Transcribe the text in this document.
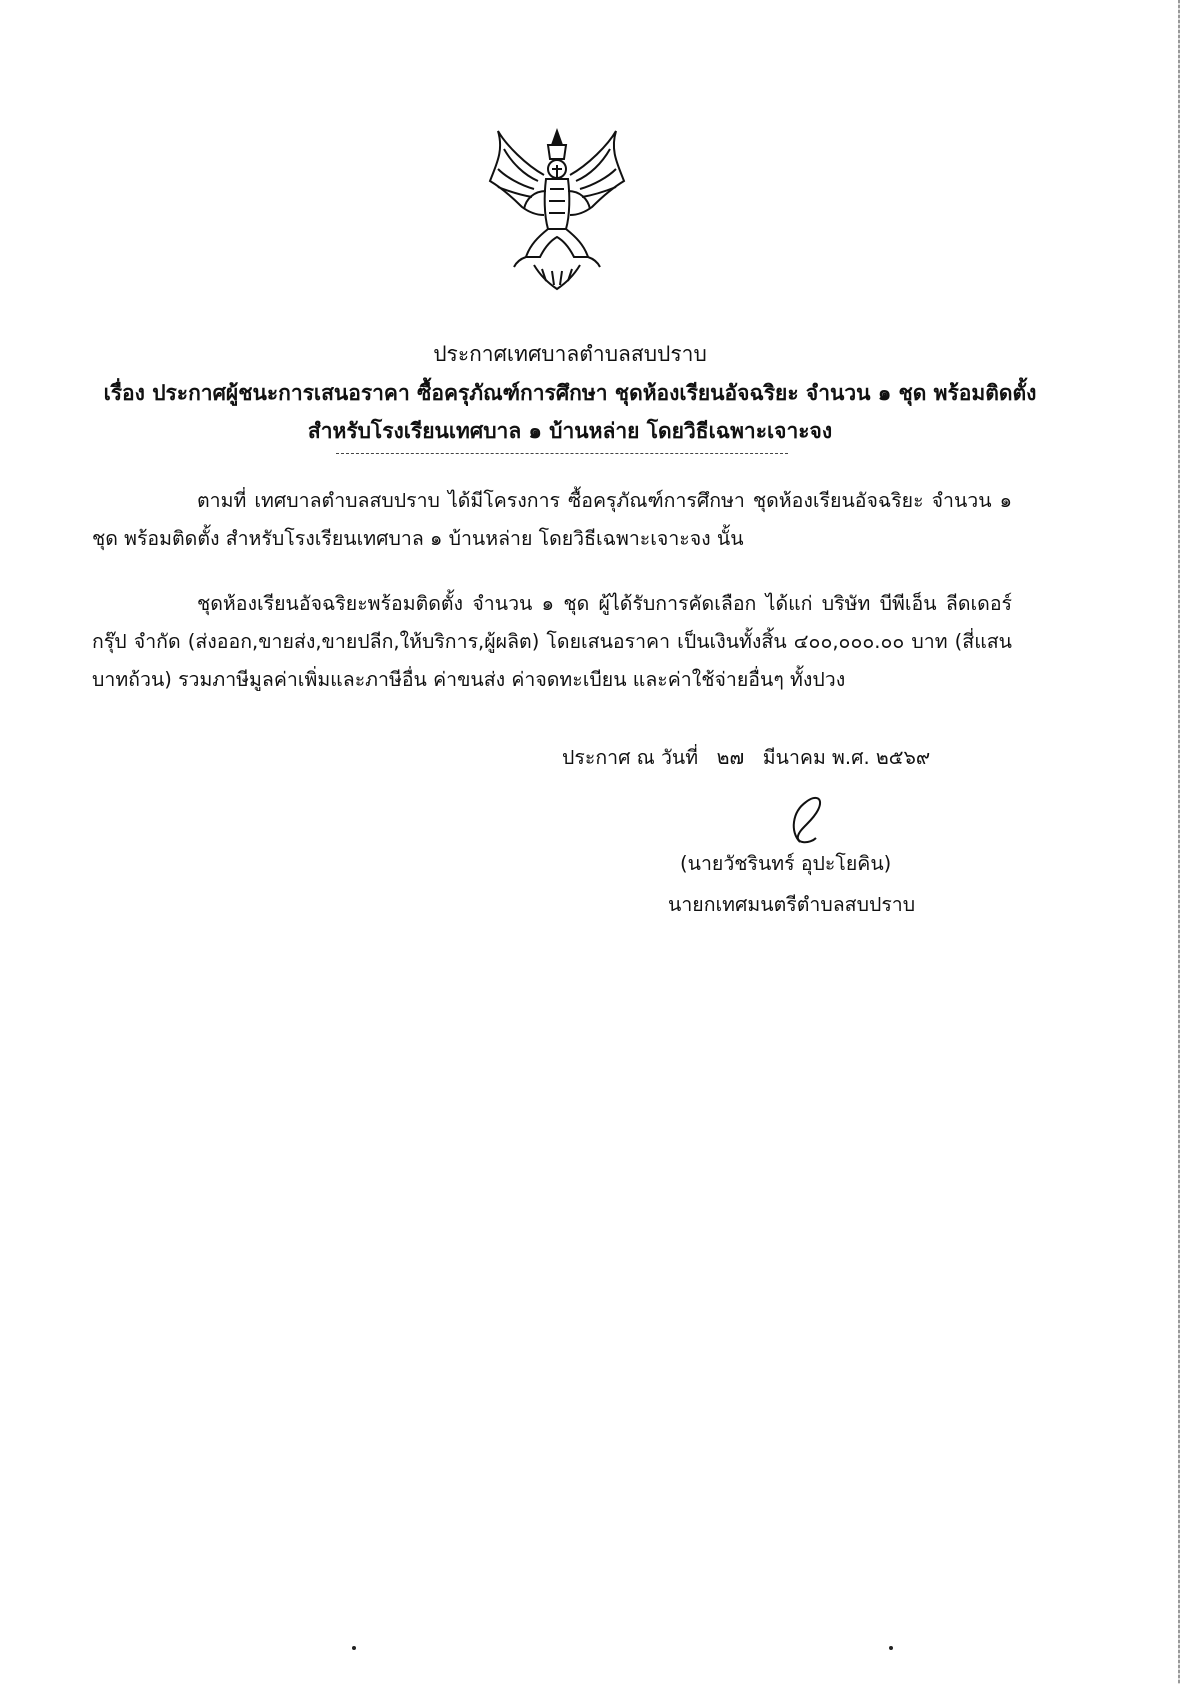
ประกาศเทศบาลตำบลสบปราบ
เรื่อง ประกาศผู้ชนะการเสนอราคา ซื้อครุภัณฑ์การศึกษา ชุดห้องเรียนอัจฉริยะ จำนวน ๑ ชุด พร้อมติดตั้ง
สำหรับโรงเรียนเทศบาล ๑ บ้านหล่าย โดยวิธีเฉพาะเจาะจง
ตามที่ เทศบาลตำบลสบปราบ ได้มีโครงการ ซื้อครุภัณฑ์การศึกษา ชุดห้องเรียนอัจฉริยะ จำนวน ๑ ชุด พร้อมติดตั้ง สำหรับโรงเรียนเทศบาล ๑ บ้านหล่าย โดยวิธีเฉพาะเจาะจง นั้น
ชุดห้องเรียนอัจฉริยะพร้อมติดตั้ง จำนวน ๑ ชุด ผู้ได้รับการคัดเลือก ได้แก่ บริษัท บีพีเอ็น ลีดเดอร์ กรุ๊ป จำกัด (ส่งออก,ขายส่ง,ขายปลีก,ให้บริการ,ผู้ผลิต) โดยเสนอราคา เป็นเงินทั้งสิ้น ๔๐๐,๐๐๐.๐๐ บาท (สี่แสนบาทถ้วน) รวมภาษีมูลค่าเพิ่มและภาษีอื่น ค่าขนส่ง ค่าจดทะเบียน และค่าใช้จ่ายอื่นๆ ทั้งปวง
ประกาศ ณ วันที่   ๒๗   มีนาคม พ.ศ. ๒๕๖๙
(นายวัชรินทร์ อุปะโยคิน)
นายกเทศมนตรีตำบลสบปราบ
